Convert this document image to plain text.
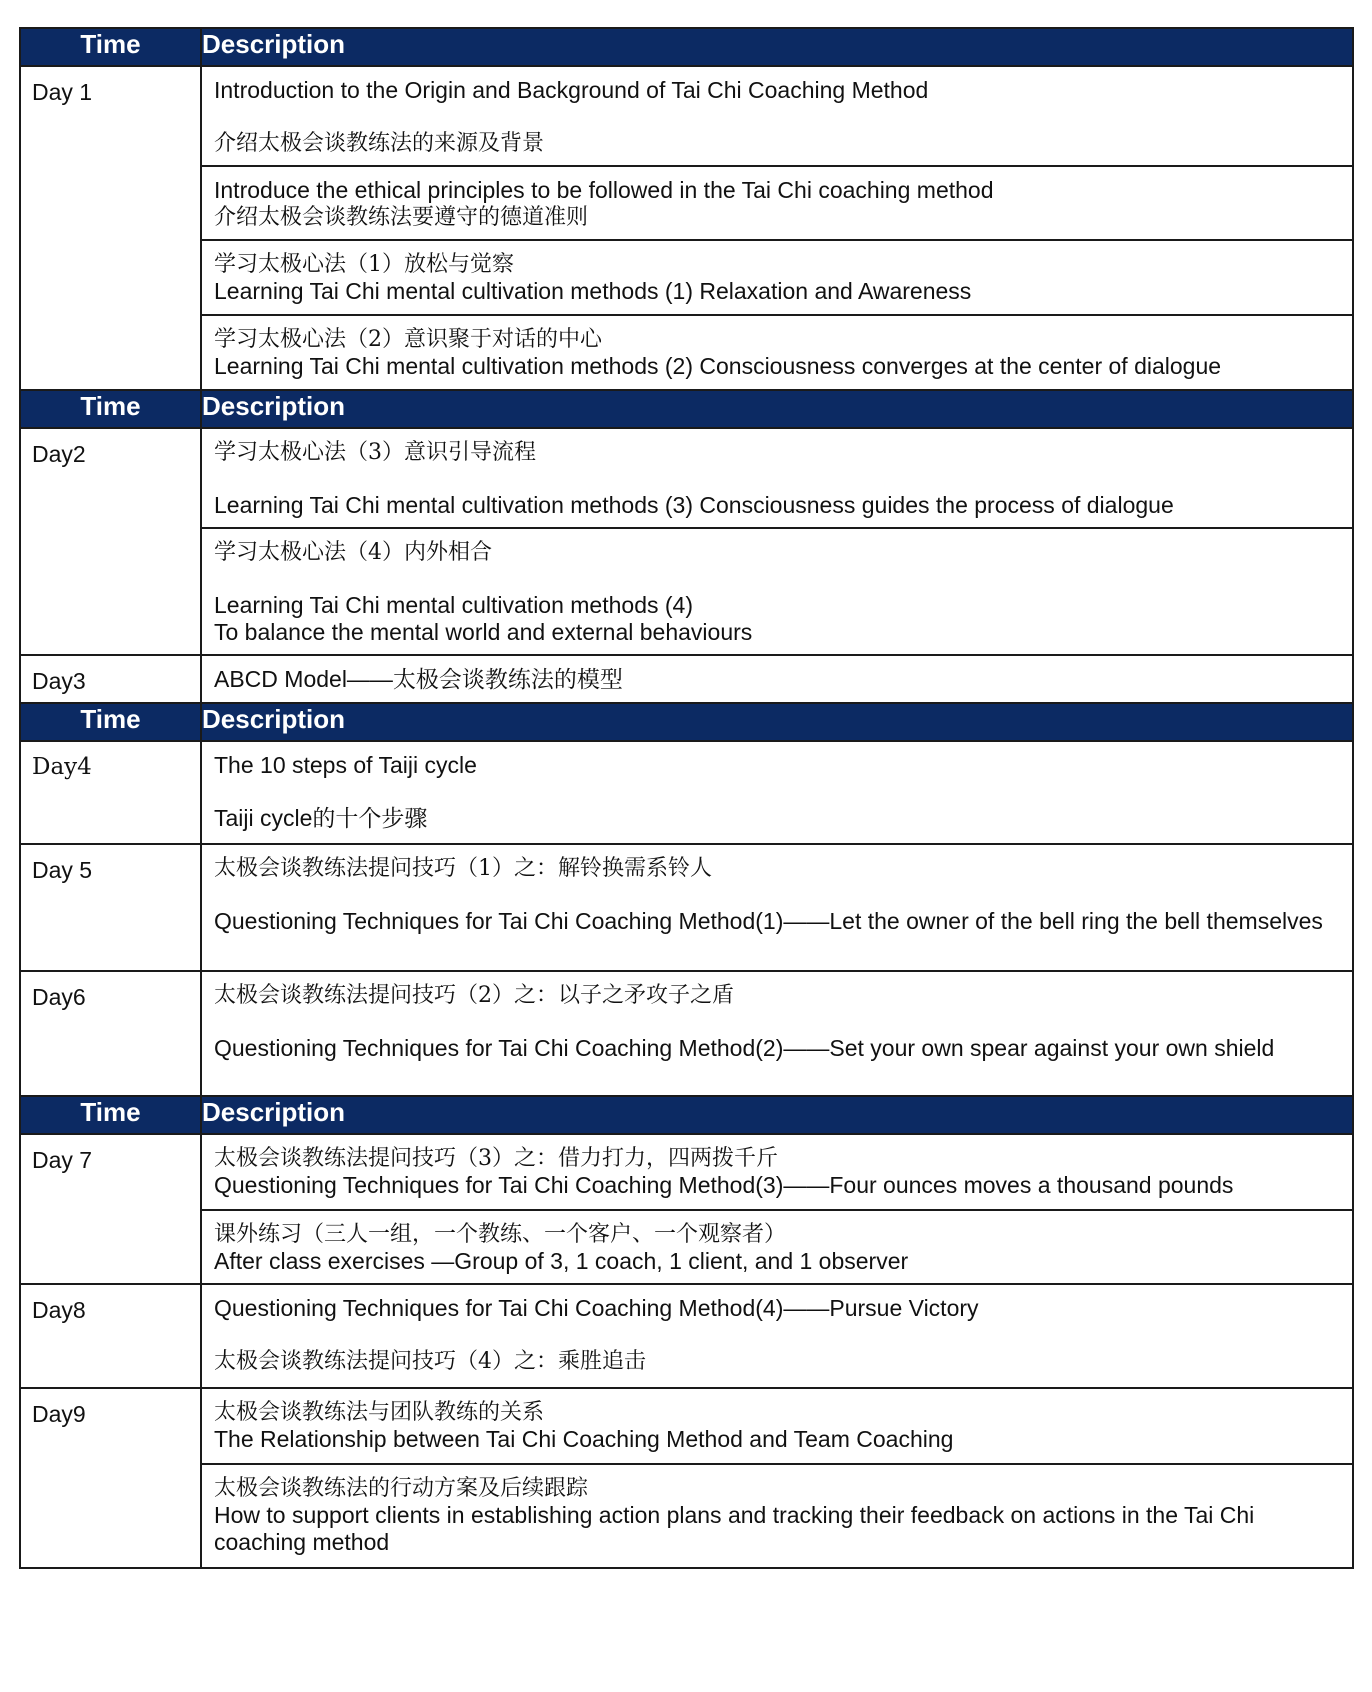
Time	Description
Day 1	Introduction to the Origin and Background of Tai Chi Coaching Method
介绍太极会谈教练法的来源及背景

	Introduce the ethical principles to be followed in the Tai Chi coaching method
介绍太极会谈教练法要遵守的德道准则

	学习太极心法（1）放松与觉察
Learning Tai Chi mental cultivation methods (1) Relaxation and Awareness

	学习太极心法（2）意识聚于对话的中心
Learning Tai Chi mental cultivation methods (2) Consciousness converges at the center of dialogue

Time	Description
Day2	学习太极心法（3）意识引导流程
Learning Tai Chi mental cultivation methods (3) Consciousness guides the process of dialogue

	学习太极心法（4）内外相合
Learning Tai Chi mental cultivation methods (4)
To balance the mental world and external behaviours

Day3	ABCD Model——太极会谈教练法的模型

Time	Description
Day4	The 10 steps of Taiji cycle
Taiji cycle的十个步骤

Day 5	太极会谈教练法提问技巧（1）之：解铃换需系铃人
Questioning Techniques for Tai Chi Coaching Method(1)——Let the owner of the bell ring the bell themselves

Day6	太极会谈教练法提问技巧（2）之：以子之矛攻子之盾
Questioning Techniques for Tai Chi Coaching Method(2)——Set your own spear against your own shield

Time	Description
Day 7	太极会谈教练法提问技巧（3）之：借力打力，四两拨千斤
Questioning Techniques for Tai Chi Coaching Method(3)——Four ounces moves a thousand pounds

	课外练习（三人一组，一个教练、一个客户、一个观察者）
After class exercises —Group of 3, 1 coach, 1 client, and 1 observer

Day8	Questioning Techniques for Tai Chi Coaching Method(4)——Pursue Victory
太极会谈教练法提问技巧（4）之：乘胜追击

Day9	太极会谈教练法与团队教练的关系
The Relationship between Tai Chi Coaching Method and Team Coaching

	太极会谈教练法的行动方案及后续跟踪
How to support clients in establishing action plans and tracking their feedback on actions in the Tai Chi coaching method
